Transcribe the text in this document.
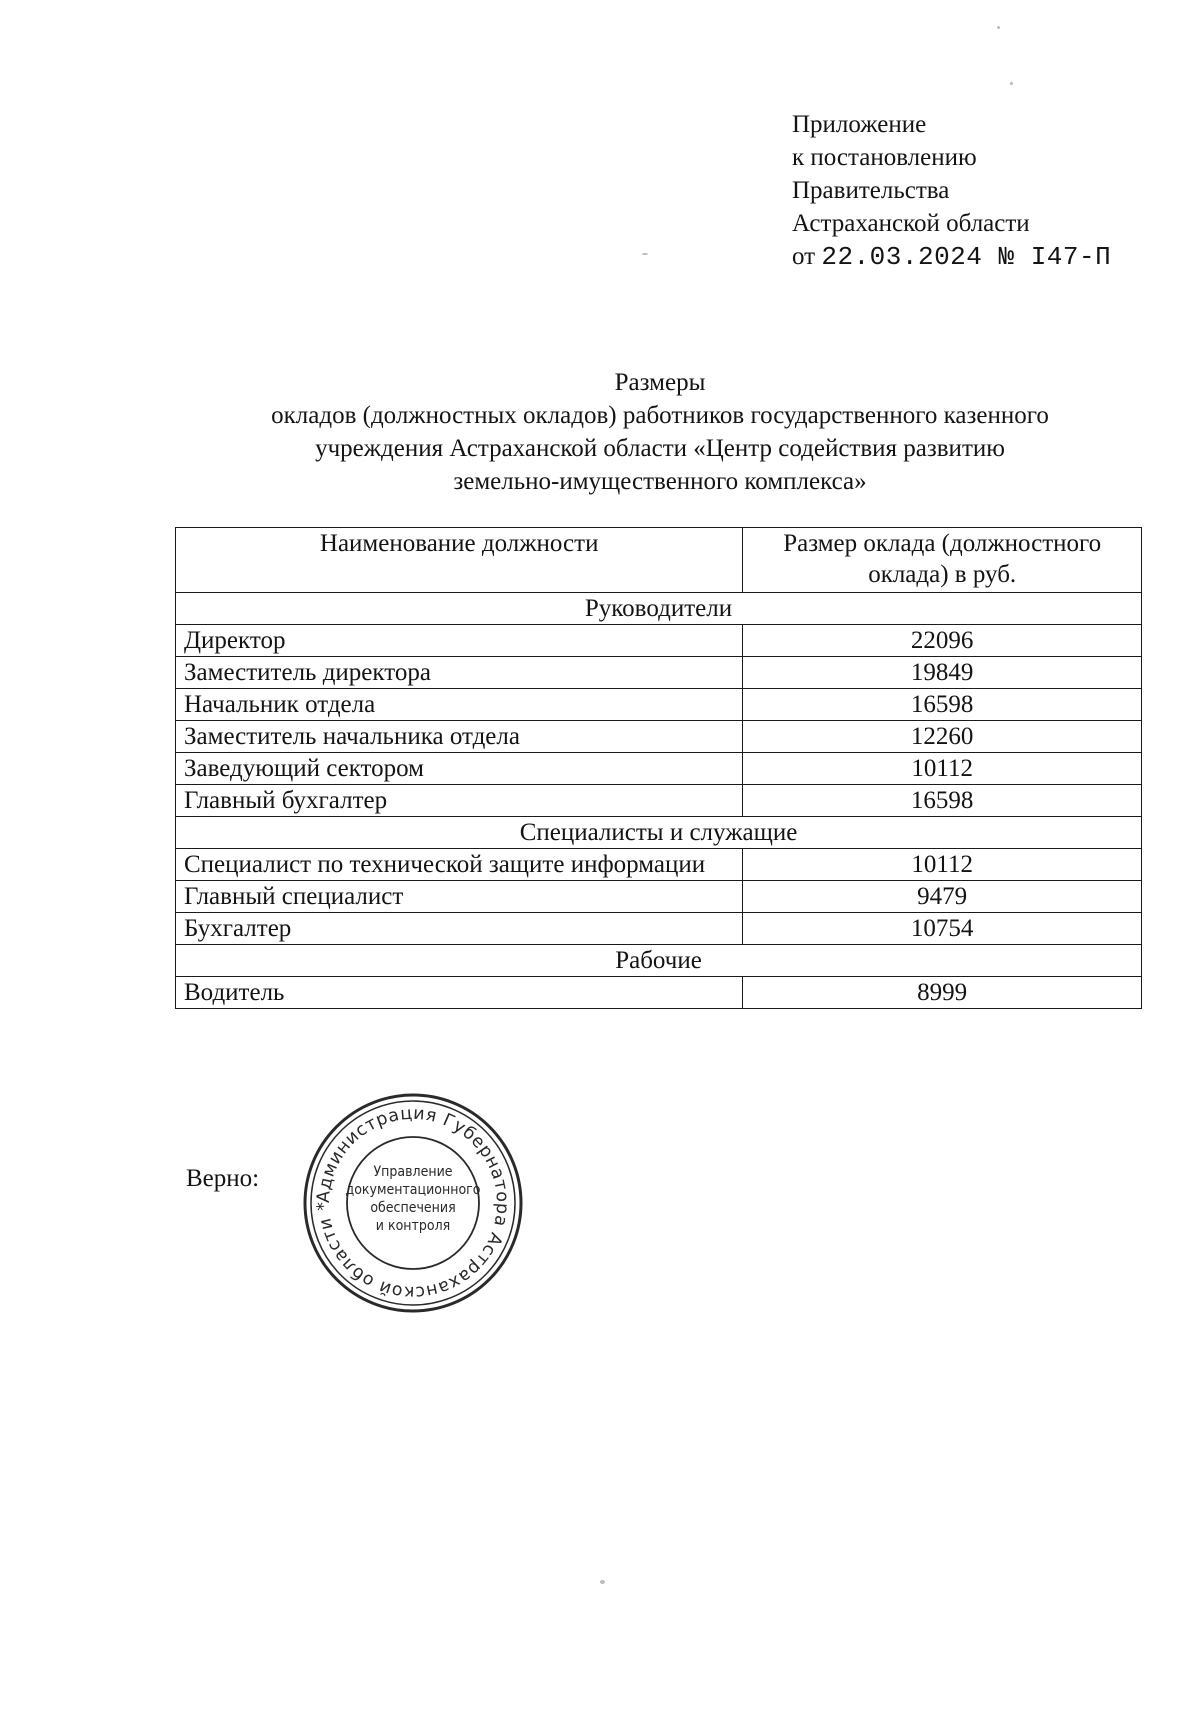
Приложение
к постановлению
Правительства
Астраханской области
от 22.03.2024 № I47-П
Размеры
окладов (должностных окладов) работников государственного казенного
учреждения Астраханской области «Центр содействия развитию
земельно-имущественного комплекса»
Наименование должности	Размер оклада (должностного оклада) в руб.
Руководители	
Директор	22096
Заместитель директора	19849
Начальник отдела	16598
Заместитель начальника отдела	12260
Заведующий сектором	10112
Главный бухгалтер	16598
Специалисты и служащие	
Специалист по технической защите информации	10112
Главный специалист	9479
Бухгалтер	10754
Рабочие	
Водитель	8999
Верно:
Администрация Губернатора Астраханской области *
Управление
документационного
обеспечения
и контроля
